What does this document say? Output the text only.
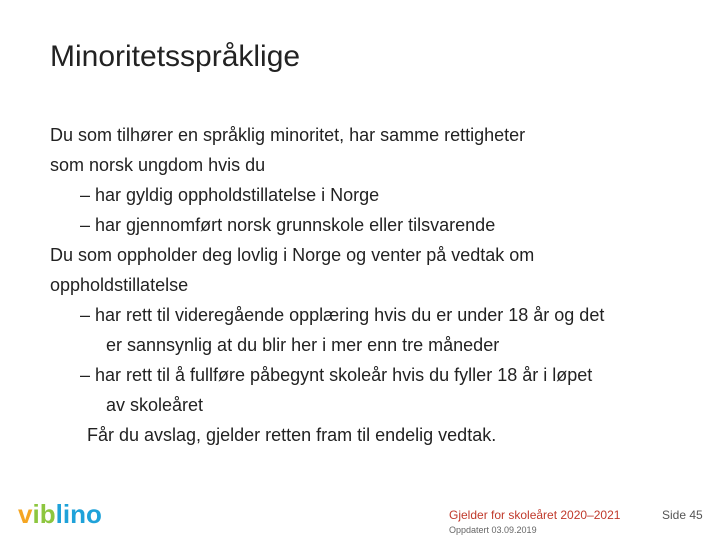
Minoritetsspråklige
Du som tilhører en språklig minoritet, har samme rettigheter
som norsk ungdom hvis du
– har gyldig oppholdstillatelse i Norge
– har gjennomført norsk grunnskole eller tilsvarende
Du som oppholder deg lovlig i Norge og venter på vedtak om
oppholdstillatelse
– har rett til videregående opplæring hvis du er under 18 år og det
er sannsynlig at du blir her i mer enn tre måneder
– har rett til å fullføre påbegynt skoleår hvis du fyller 18 år i løpet
av skoleåret
Får du avslag, gjelder retten fram til endelig vedtak.
viblino	Gjelder for skoleåret 2020–2021
Oppdatert 03.09.2019
Side 45
